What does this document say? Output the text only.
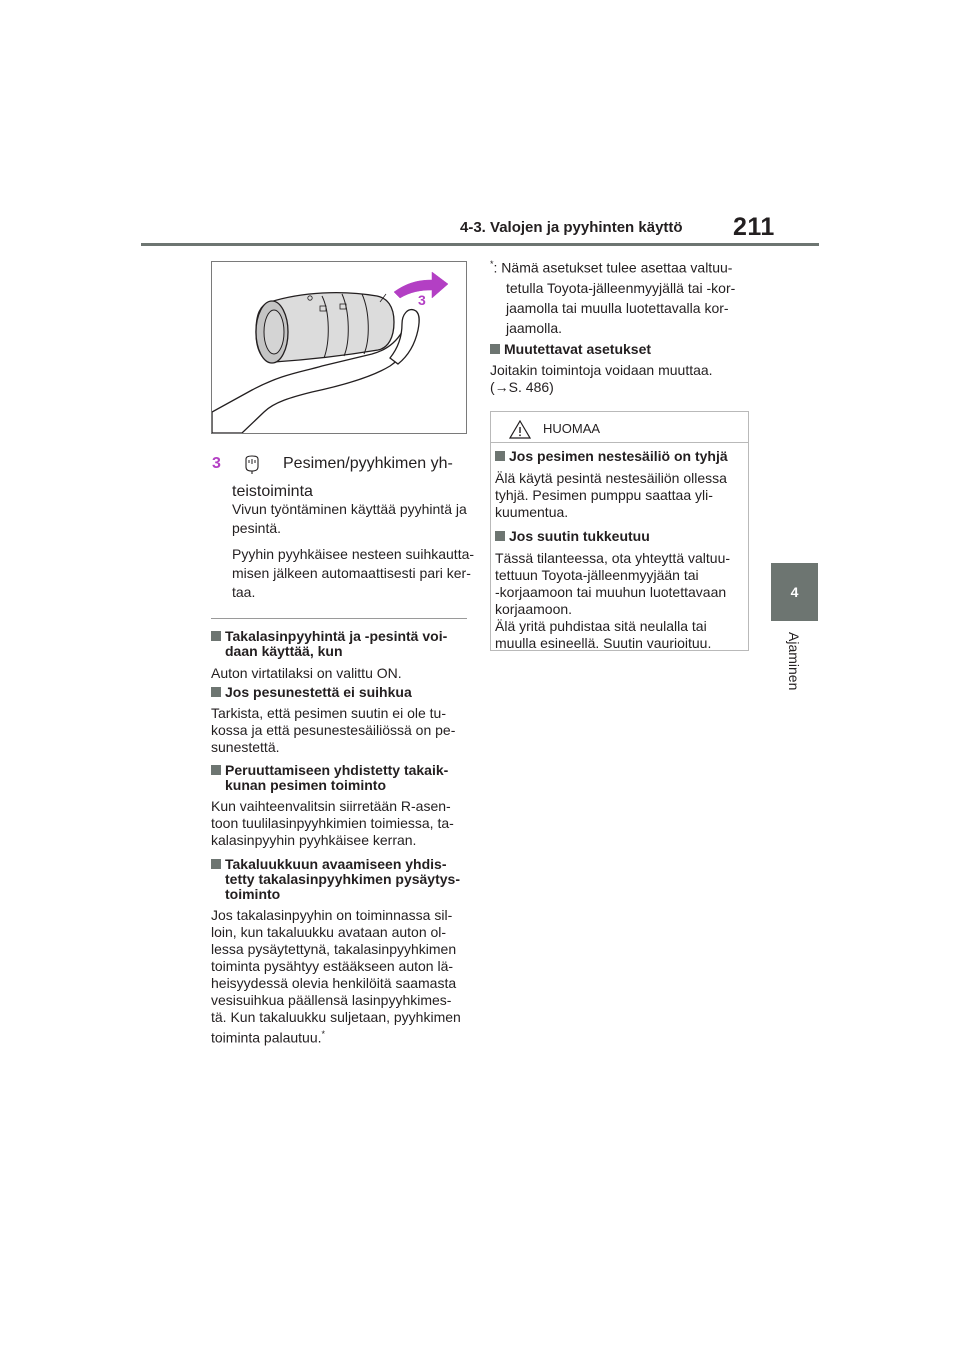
4-3. Valojen ja pyyhinten käyttö 211
4
Ajaminen
3
3	Pesimen/pyyhkimen yh-
teistoiminta
Vivun työntäminen käyttää pyyhintä ja
pesintä.
Pyyhin pyyhkäisee nesteen suihkautta-
misen jälkeen automaattisesti pari ker-
taa.
Takalasinpyyhintä ja -pesintä voi-
daan käyttää, kun
Auton virtatilaksi on valittu ON.
Jos pesunestettä ei suihkua
Tarkista, että pesimen suutin ei ole tu-
kossa ja että pesunestesäiliössä on pe-
sunestettä.
Peruuttamiseen yhdistetty takaik-
kunan pesimen toiminto
Kun vaihteenvalitsin siirretään R-asen-
toon tuulilasinpyyhkimien toimiessa, ta-
kalasinpyyhin pyyhkäisee kerran.
Takaluukkuun avaamiseen yhdis-
tetty takalasinpyyhkimen pysäytys-
toiminto
Jos takalasinpyyhin on toiminnassa sil-
loin, kun takaluukku avataan auton ol-
lessa pysäytettynä, takalasinpyyhkimen
toiminta pysähtyy estääkseen auton lä-
heisyydessä olevia henkilöitä saamasta
vesisuihkua päällensä lasinpyyhkimes-
tä. Kun takaluukku suljetaan, pyyhkimen
toiminta palautuu.*
*: Nämä asetukset tulee asettaa valtuu-
tetulla Toyota-jälleenmyyjällä tai -kor-
jaamolla tai muulla luotettavalla kor-
jaamolla.
Muutettavat asetukset
Joitakin toimintoja voidaan muuttaa.
(→S. 486)
HUOMAA
Jos pesimen nestesäiliö on tyhjä
Älä käytä pesintä nestesäiliön ollessa
tyhjä. Pesimen pumppu saattaa yli-
kuumentua.
Jos suutin tukkeutuu
Tässä tilanteessa, ota yhteyttä valtuu-
tettuun Toyota-jälleenmyyjään tai
-korjaamoon tai muuhun luotettavaan
korjaamoon.
Älä yritä puhdistaa sitä neulalla tai
muulla esineellä. Suutin vaurioituu.
